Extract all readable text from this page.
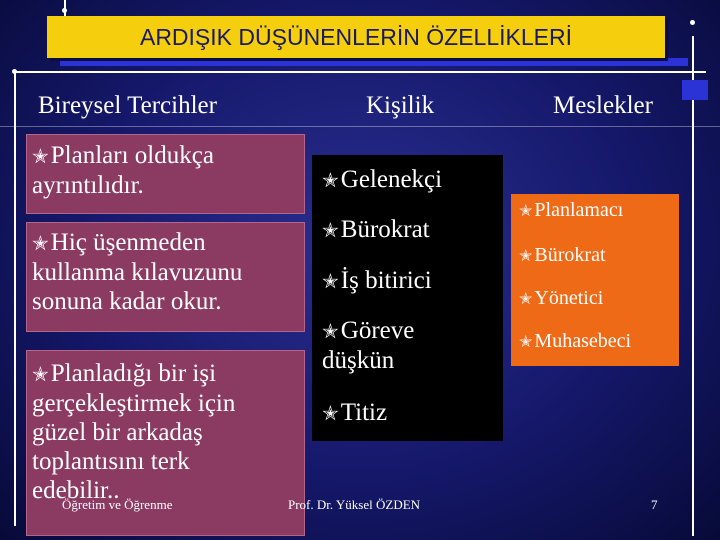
ARDIŞIK DÜŞÜNENLERİN ÖZELLİKLERİ
Bireysel Tercihler	Kişilik	Meslekler
✭Planları oldukça
ayrıntılıdır.
✭Hiç üşenmeden
kullanma kılavuzunu
sonuna kadar okur.
✭Planladığı bir işi
gerçekleştirmek için
güzel bir arkadaş
toplantısını terk
edebilir..
✭Gelenekçi
✭Bürokrat
✭İş bitirici
✭Göreve
düşkün
✭Titiz
✭ Planlamacı
✭ Bürokrat
✭ Yönetici
✭ Muhasebeci
Öğretim ve Öğrenme	Prof. Dr. Yüksel ÖZDEN	7
